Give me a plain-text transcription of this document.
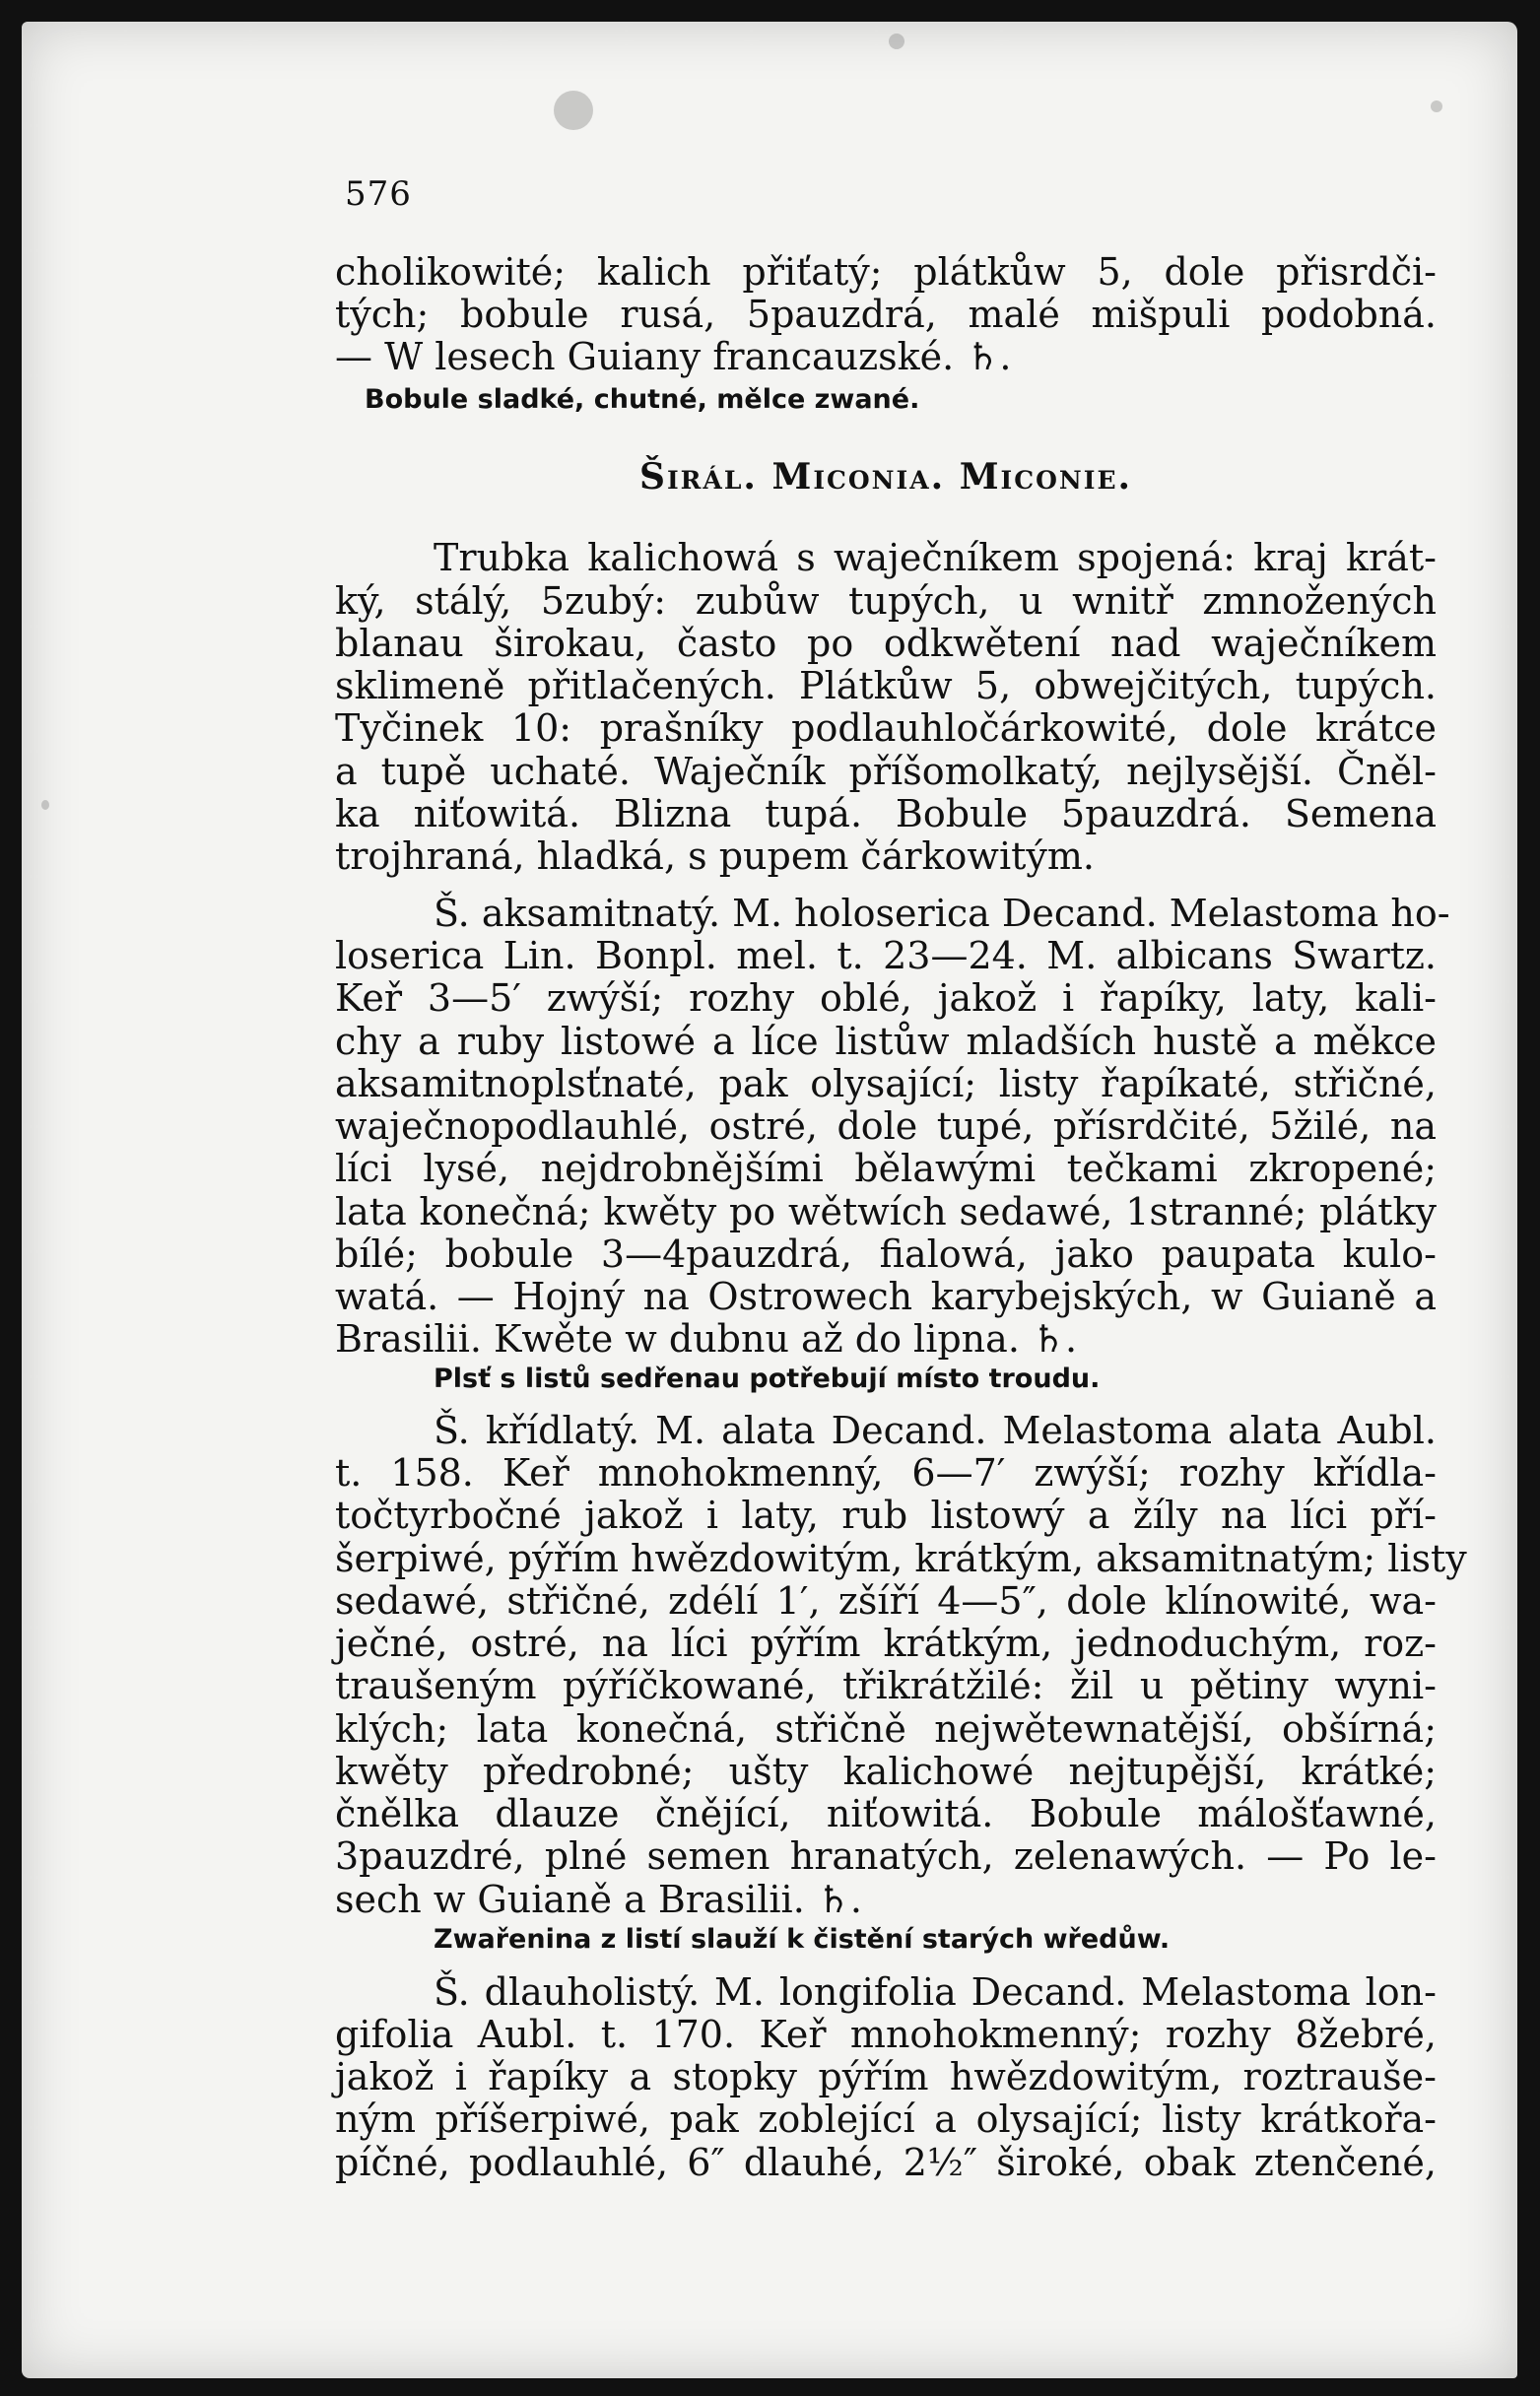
576
cholikowité; kalich přiťatý; plátkůw 5, dole přisrdči-
tých; bobule rusá, 5pauzdrá, malé mišpuli podobná.
— W lesech Guiany francauzské. ♄.
Bobule sladké, chutné, mělce zwané.
Širál. Miconia. Miconie.
Trubka kalichowá s waječníkem spojená: kraj krát-
ký, stálý, 5zubý: zubůw tupých, u wnitř zmnožených
blanau širokau, často po odkwětení nad waječníkem
sklimeně přitlačených. Plátkůw 5, obwejčitých, tupých.
Tyčinek 10: prašníky podlauhločárkowité, dole krátce
a tupě uchaté. Waječník příšomolkatý, nejlysější. Čněl-
ka niťowitá. Blizna tupá. Bobule 5pauzdrá. Semena
trojhraná, hladká, s pupem čárkowitým.
Š. aksamitnatý. M. holoserica Decand. Melastoma ho-
loserica Lin. Bonpl. mel. t. 23—24. M. albicans Swartz.
Keř 3—5′ zwýší; rozhy oblé, jakož i řapíky, laty, kali-
chy a ruby listowé a líce listůw mladších hustě a měkce
aksamitnoplsťnaté, pak olysající; listy řapíkaté, střičné,
waječnopodlauhlé, ostré, dole tupé, přísrdčité, 5žilé, na
líci lysé, nejdrobnějšími bělawými tečkami zkropené;
lata konečná; kwěty po wětwích sedawé, 1stranné; plátky
bílé; bobule 3—4pauzdrá, fialowá, jako paupata kulo-
watá. — Hojný na Ostrowech karybejských, w Guianě a
Brasilii. Kwěte w dubnu až do lipna. ♄.
Plsť s listů sedřenau potřebují místo troudu.
Š. křídlatý. M. alata Decand. Melastoma alata Aubl.
t. 158. Keř mnohokmenný, 6—7′ zwýší; rozhy křídla-
točtyrbočné jakož i laty, rub listowý a žíly na líci pří-
šerpiwé, pýřím hwězdowitým, krátkým, aksamitnatým; listy
sedawé, střičné, zdélí 1′, zšíří 4—5″, dole klínowité, wa-
ječné, ostré, na líci pýřím krátkým, jednoduchým, roz-
traušeným pýříčkowané, třikrátžilé: žil u pětiny wyni-
klých; lata konečná, střičně nejwětewnatější, obšírná;
kwěty předrobné; ušty kalichowé nejtupější, krátké;
čnělka dlauze čnějící, niťowitá. Bobule málošťawné,
3pauzdré, plné semen hranatých, zelenawých. — Po le-
sech w Guianě a Brasilii. ♄.
Zwařenina z listí slauží k čistění starých wředůw.
Š. dlauholistý. M. longifolia Decand. Melastoma lon-
gifolia Aubl. t. 170. Keř mnohokmenný; rozhy 8žebré,
jakož i řapíky a stopky pýřím hwězdowitým, roztrauše-
ným příšerpiwé, pak zoblející a olysající; listy krátkořa-
píčné, podlauhlé, 6″ dlauhé, 2½″ široké, obak ztenčené,
